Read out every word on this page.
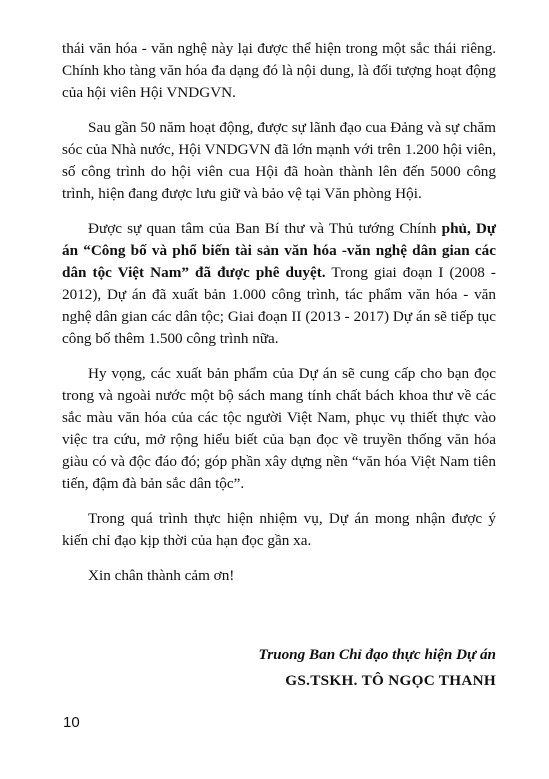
thái văn hóa - văn nghệ này lại được thể hiện trong một sắc thái riêng. Chính kho tàng văn hóa đa dạng đó là nội dung, là đối tượng hoạt động của hội viên Hội VNDGVN.

Sau gần 50 năm hoạt động, được sự lãnh đạo cua Đảng và sự chăm sóc của Nhà nước, Hội VNDGVN đã lớn mạnh với trên 1.200 hội viên, số công trình do hội viên cua Hội đã hoàn thành lên đến 5000 công trình, hiện đang được lưu giữ và bảo vệ tại Văn phòng Hội.

Được sự quan tâm của Ban Bí thư và Thủ tướng Chính phủ, Dự án “Công bố và phổ biến tài sản văn hóa -văn nghệ dân gian các dân tộc Việt Nam” đã được phê duyệt. Trong giai đoạn I (2008 - 2012), Dự án đã xuất bản 1.000 công trình, tác phẩm văn hóa - văn nghệ dân gian các dân tộc; Giai đoạn II (2013 - 2017) Dự án sẽ tiếp tục công bố thêm 1.500 công trình nữa.

Hy vọng, các xuất bản phẩm của Dự án sẽ cung cấp cho bạn đọc trong và ngoài nước một bộ sách mang tính chất bách khoa thư về các sắc màu văn hóa của các tộc người Việt Nam, phục vụ thiết thực vào việc tra cứu, mở rộng hiểu biết của bạn đọc về truyền thống văn hóa giàu có và độc đáo đó; góp phần xây dựng nền “văn hóa Việt Nam tiên tiến, đậm đà bản sắc dân tộc”.

Trong quá trình thực hiện nhiệm vụ, Dự án mong nhận được ý kiến chỉ đạo kịp thời của hạn đọc gần xa.

Xin chân thành cảm ơn!

Truong Ban Chỉ đạo thực hiện Dự án
GS.TSKH. TÔ NGỌC THANH
10
